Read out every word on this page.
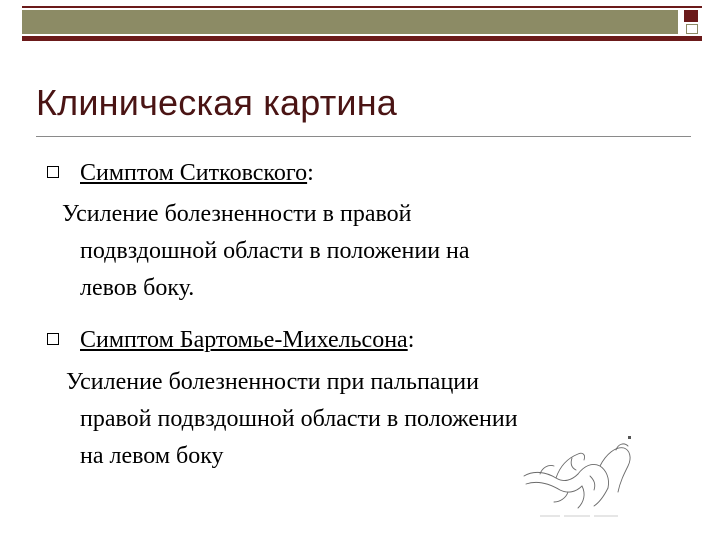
Клиническая картина
Симптом Ситковского:
Усиление болезненности в правой
подвздошной области в положении на
левов боку.
Симптом Бартомье-Михельсона:
Усиление болезненности при пальпации
правой подвздошной области в положении
на левом боку
